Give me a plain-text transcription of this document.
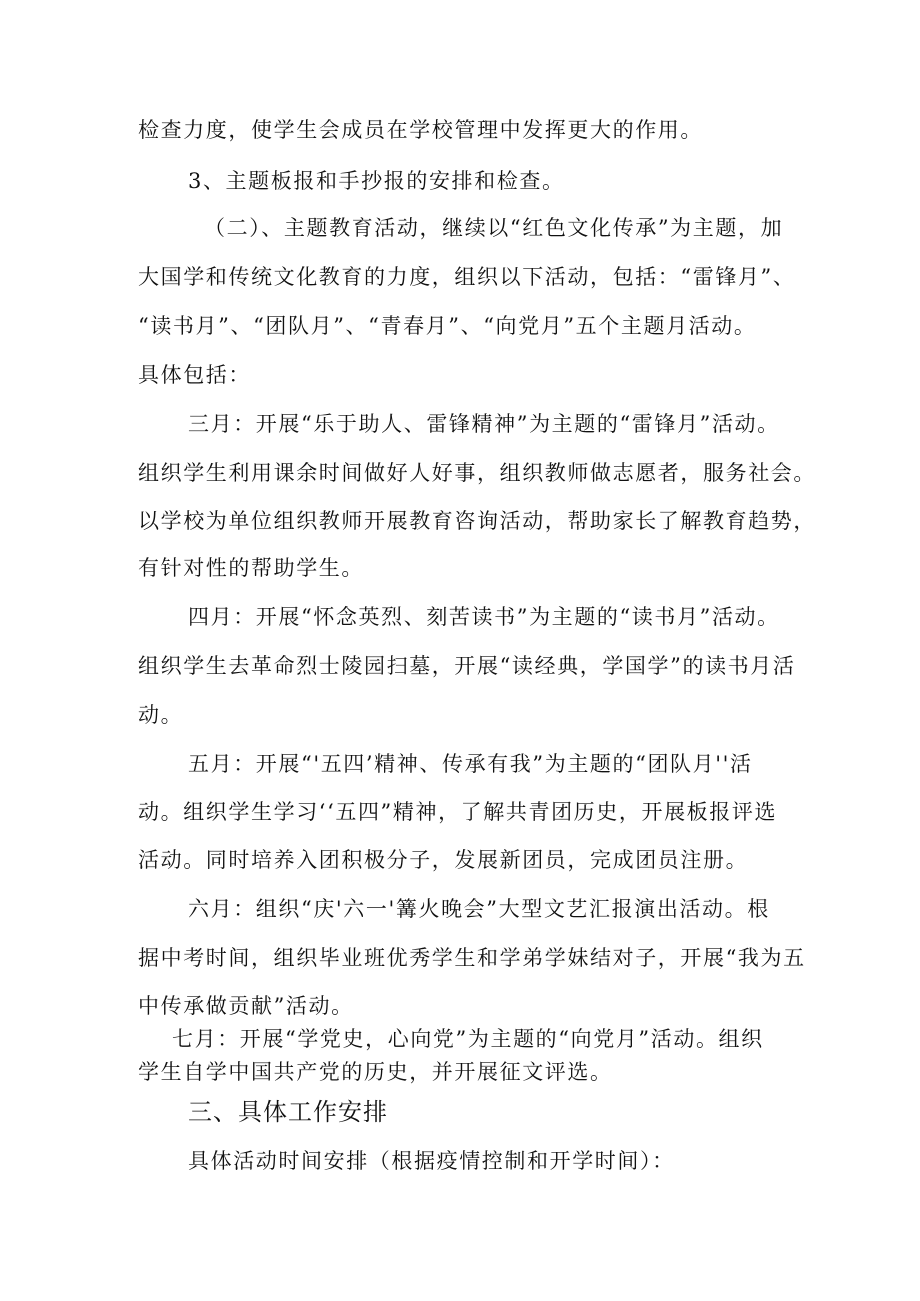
检查力度，使学生会成员在学校管理中发挥更大的作用。
3、主题板报和手抄报的安排和检查。
（二）、主题教育活动，继续以“红色文化传承”为主题，加
大国学和传统文化教育的力度，组织以下活动，包括：“雷锋月”、
“读书月”、“团队月”、“青春月”、“向党月”五个主题月活动。
具体包括：
三月：开展“乐于助人、雷锋精神”为主题的“雷锋月”活动。
组织学生利用课余时间做好人好事，组织教师做志愿者，服务社会。
以学校为单位组织教师开展教育咨询活动，帮助家长了解教育趋势，
有针对性的帮助学生。
四月：开展“怀念英烈、刻苦读书”为主题的“读书月”活动。
组织学生去革命烈士陵园扫墓，开展“读经典，学国学”的读书月活
动。
五月：开展“'五四’精神、传承有我”为主题的“团队月''活
动。组织学生学习‘‘五四”精神，了解共青团历史，开展板报评选
活动。同时培养入团积极分子，发展新团员，完成团员注册。
六月：组织“庆'六一'篝火晚会”大型文艺汇报演出活动。根
据中考时间，组织毕业班优秀学生和学弟学妹结对子，开展“我为五
中传承做贡献”活动。
七月：开展“学党史，心向党”为主题的“向党月”活动。组织
学生自学中国共产党的历史，并开展征文评选。
三、具体工作安排
具体活动时间安排（根据疫情控制和开学时间）：
